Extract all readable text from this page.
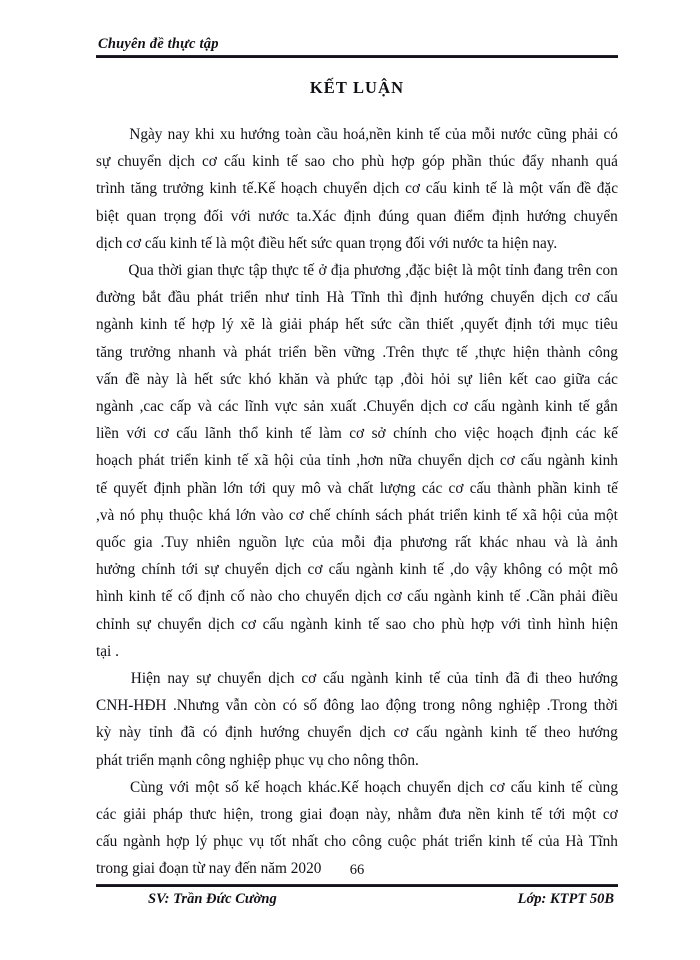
Chuyên đề thực tập
KẾT LUẬN
Ngày nay khi xu hướng toàn cầu hoá,nền kinh tế của mỗi nước cũng phải có
sự chuyển dịch cơ cấu kinh tế sao cho phù hợp góp phần thúc đẩy nhanh quá
trình tăng trưởng kinh tế.Kế hoạch chuyển dịch cơ cấu kinh tế là một vấn đề đặc
biệt quan trọng đối với nước ta.Xác định đúng quan điểm định hướng chuyển
dịch cơ cấu kinh tế là một điều hết sức quan trọng đối với nước ta hiện nay.
Qua thời gian thực tập thực tế ở địa phương ,đặc biệt là một tỉnh đang trên con
đường bắt đầu phát triển như tỉnh Hà Tĩnh thì định hướng chuyển dịch cơ cấu
ngành kinh tế hợp lý xẽ là giải pháp hết sức cần thiết ,quyết định tới mục tiêu
tăng trưởng nhanh và phát triển bền vững .Trên thực tế ,thực hiện thành công
vấn đề này là hết sức khó khăn và phức tạp ,đòi hỏi sự liên kết cao giữa các
ngành ,cac cấp và các lĩnh vực sản xuất .Chuyển dịch cơ cấu ngành kinh tế gắn
liền với cơ cấu lãnh thổ kinh tế làm cơ sở chính cho việc hoạch định các kế
hoạch phát triển kinh tế xã hội của tỉnh ,hơn nữa chuyển dịch cơ cấu ngành kinh
tế quyết định phần lớn tới quy mô và chất lượng các cơ cấu thành phần kinh tế
,và nó phụ thuộc khá lớn vào cơ chế chính sách phát triển kinh tế xã hội của một
quốc gia .Tuy nhiên nguồn lực của mỗi địa phương rất khác nhau và là ảnh
hưởng chính tới sự chuyển dịch cơ cấu ngành kinh tế ,do vậy không có một mô
hình kinh tế cố định cố nào cho chuyển dịch cơ cấu ngành kinh tế .Cần phải điều
chỉnh sự chuyển dịch cơ cấu ngành kinh tế sao cho phù hợp với tình hình hiện
tại .
Hiện nay sự chuyển dịch cơ cấu ngành kinh tế của tỉnh đã đi theo hướng
CNH-HĐH .Nhưng vẫn còn có số đông lao động trong nông nghiệp .Trong thời
kỳ này tỉnh đã có định hướng chuyển dịch cơ cấu ngành kinh tế theo hướng
phát triển mạnh công nghiệp phục vụ cho nông thôn.
Cùng với một số kế hoạch khác.Kế hoạch chuyển dịch cơ cấu kinh tế cùng
các giải pháp thưc hiện, trong giai đoạn này, nhằm đưa nền kinh tế tới một cơ
cấu ngành hợp lý phục vụ tốt nhất cho công cuộc phát triển kinh tế của Hà Tĩnh
trong giai đoạn từ nay đến năm 2020	66
SV: Trần Đức Cường	Lớp: KTPT 50B
